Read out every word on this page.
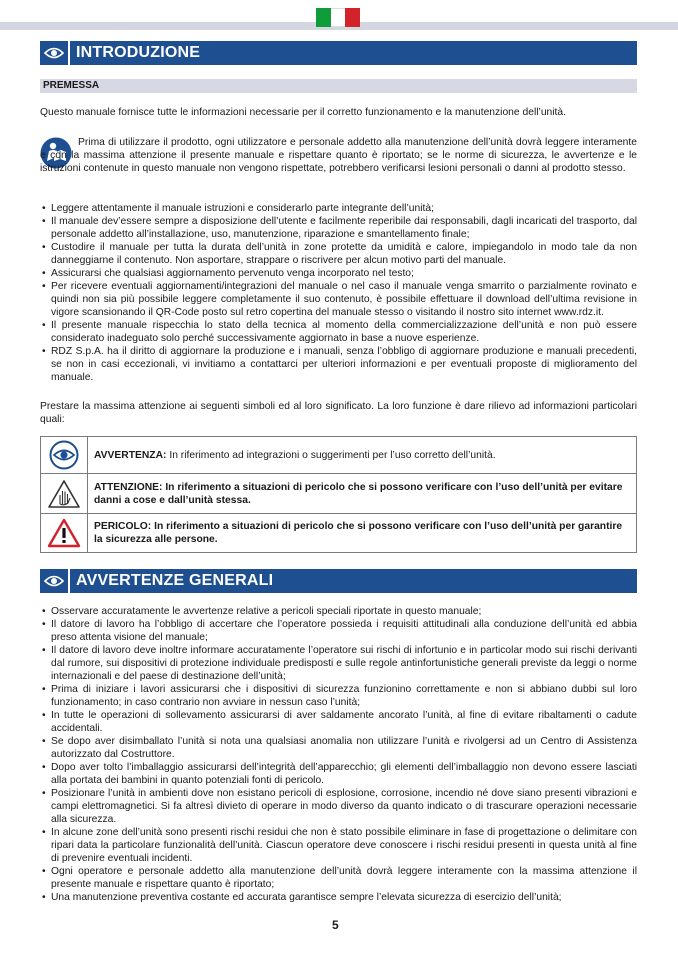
INTRODUZIONE
PREMESSA
Questo manuale fornisce tutte le informazioni necessarie per il corretto funzionamento e la manutenzione dell’unità.
Prima di utilizzare il prodotto, ogni utilizzatore e personale addetto alla manutenzione dell’unità dovrà leggere interamente e con la massima attenzione il presente manuale e rispettare quanto è riportato; se le norme di sicurezza, le avvertenze e le istruzioni contenute in questo manuale non vengono rispettate, potrebbero verificarsi lesioni personali o danni al prodotto stesso.
• Leggere attentamente il manuale istruzioni e considerarlo parte integrante dell’unità;
• Il manuale dev’essere sempre a disposizione dell’utente e facilmente reperibile dai responsabili, dagli incaricati del trasporto, dal personale addetto all’installazione, uso, manutenzione, riparazione e smantellamento finale;
• Custodire il manuale per tutta la durata dell’unità in zone protette da umidità e calore, impiegandolo in modo tale da non danneggiarne il contenuto. Non asportare, strappare o riscrivere per alcun motivo parti del manuale.
• Assicurarsi che qualsiasi aggiornamento pervenuto venga incorporato nel testo;
• Per ricevere eventuali aggiornamenti/integrazioni del manuale o nel caso il manuale venga smarrito o parzialmente rovinato e quindi non sia più possibile leggere completamente il suo contenuto, è possibile effettuare il download dell’ultima revisione in vigore scansionando il QR-Code posto sul retro copertina del manuale stesso o visitando il nostro sito internet www.rdz.it.
• Il presente manuale rispecchia lo stato della tecnica al momento della commercializzazione dell’unità e non può essere considerato inadeguato solo perché successivamente aggiornato in base a nuove esperienze.
• RDZ S.p.A. ha il diritto di aggiornare la produzione e i manuali, senza l’obbligo di aggiornare produzione e manuali precedenti, se non in casi eccezionali, vi invitiamo a contattarci per ulteriori informazioni e per eventuali proposte di miglioramento del manuale.
Prestare la massima attenzione ai seguenti simboli ed al loro significato. La loro funzione è dare rilievo ad informazioni particolari quali:
AVVERTENZA: In riferimento ad integrazioni o suggerimenti per l’uso corretto dell’unità.
ATTENZIONE: In riferimento a situazioni di pericolo che si possono verificare con l’uso dell’unità per evitare danni a cose e dall’unità stessa.
PERICOLO: In riferimento a situazioni di pericolo che si possono verificare con l’uso dell’unità per garantire la sicurezza alle persone.
AVVERTENZE GENERALI
• Osservare accuratamente le avvertenze relative a pericoli speciali riportate in questo manuale;
• Il datore di lavoro ha l’obbligo di accertare che l’operatore possieda i requisiti attitudinali alla conduzione dell’unità ed abbia preso attenta visione del manuale;
• Il datore di lavoro deve inoltre informare accuratamente l’operatore sui rischi di infortunio e in particolar modo sui rischi derivanti dal rumore, sui dispositivi di protezione individuale predisposti e sulle regole antinfortunistiche generali previste da leggi o norme internazionali e del paese di destinazione dell’unità;
• Prima di iniziare i lavori assicurarsi che i dispositivi di sicurezza funzionino correttamente e non si abbiano dubbi sul loro funzionamento; in caso contrario non avviare in nessun caso l’unità;
• In tutte le operazioni di sollevamento assicurarsi di aver saldamente ancorato l’unità, al fine di evitare ribaltamenti o cadute accidentali.
• Se dopo aver disimballato l’unità si nota una qualsiasi anomalia non utilizzare l’unità e rivolgersi ad un Centro di Assistenza autorizzato dal Costruttore.
• Dopo aver tolto l’imballaggio assicurarsi dell’integrità dell’apparecchio; gli elementi dell’imballaggio non devono essere lasciati alla portata dei bambini in quanto potenziali fonti di pericolo.
• Posizionare l’unità in ambienti dove non esistano pericoli di esplosione, corrosione, incendio né dove siano presenti vibrazioni e campi elettromagnetici. Si fa altresì divieto di operare in modo diverso da quanto indicato o di trascurare operazioni necessarie alla sicurezza.
• In alcune zone dell’unità sono presenti rischi residui che non è stato possibile eliminare in fase di progettazione o delimitare con ripari data la particolare funzionalità dell’unità. Ciascun operatore deve conoscere i rischi residui presenti in questa unità al fine di prevenire eventuali incidenti.
• Ogni operatore e personale addetto alla manutenzione dell’unità dovrà leggere interamente con la massima attenzione il presente manuale e rispettare quanto è riportato;
• Una manutenzione preventiva costante ed accurata garantisce sempre l’elevata sicurezza di esercizio dell’unità;
5
